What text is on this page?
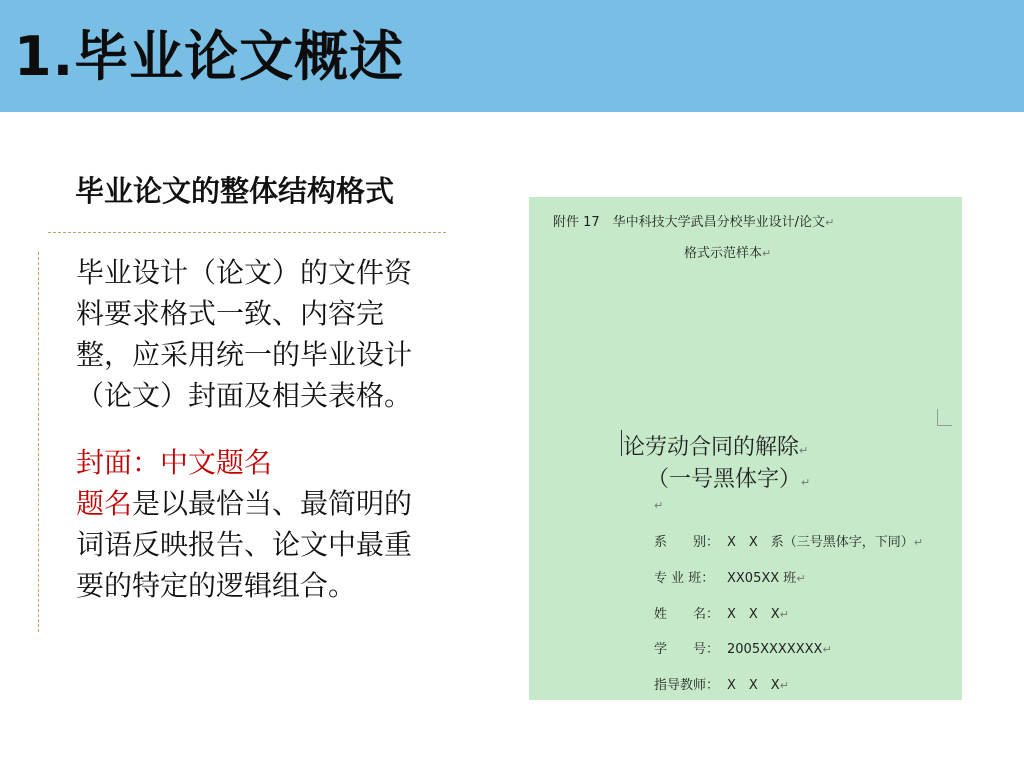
1.毕业论文概述
毕业论文的整体结构格式

毕业设计（论文）的文件资料要求格式一致、内容完整，应采用统一的毕业设计（论文）封面及相关表格。

封面：中文题名
题名是以最恰当、最简明的词语反映报告、论文中最重要的特定的逻辑组合。

附件 17　华中科技大学武昌分校毕业设计/论文↵
格式示范样本↵
论劳动合同的解除↵
（一号黑体字）↵
↵
系　　别： X　X　系（三号黑体字，下同）↵
专 业 班： XX05XX 班↵
姓　　名： X　X　X↵
学　　号： 2005XXXXXXX↵
指导教师： X　X　X↵
